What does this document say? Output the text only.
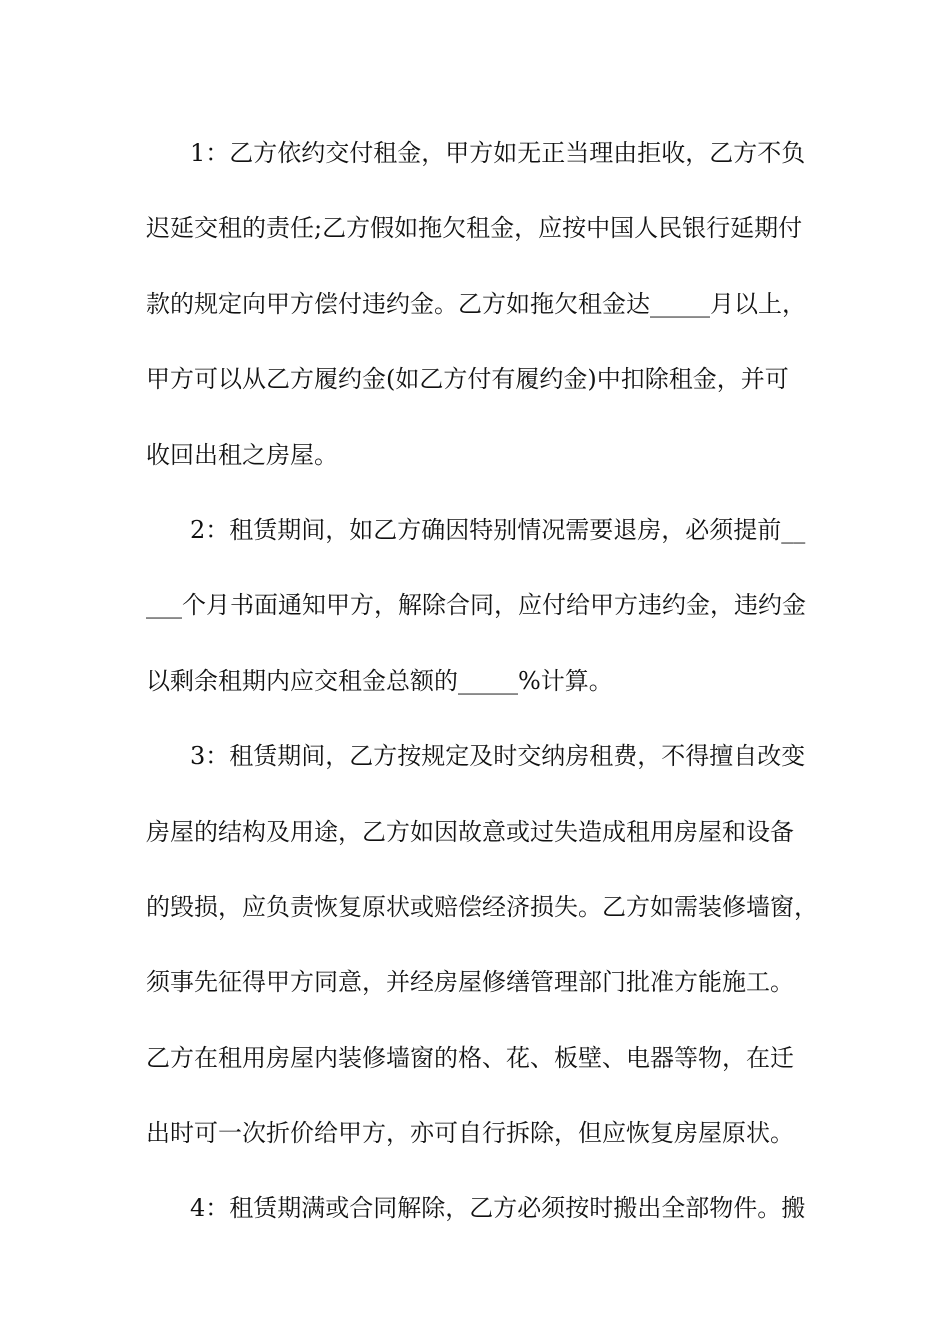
1：乙方依约交付租金，甲方如无正当理由拒收，乙方不负
迟延交租的责任;乙方假如拖欠租金，应按中国人民银行延期付
款的规定向甲方偿付违约金。乙方如拖欠租金达_____月以上，
甲方可以从乙方履约金(如乙方付有履约金)中扣除租金，并可
收回出租之房屋。
2：租赁期间，如乙方确因特别情况需要退房，必须提前__
___个月书面通知甲方，解除合同，应付给甲方违约金，违约金
以剩余租期内应交租金总额的_____%计算。
3：租赁期间，乙方按规定及时交纳房租费，不得擅自改变
房屋的结构及用途，乙方如因故意或过失造成租用房屋和设备
的毁损，应负责恢复原状或赔偿经济损失。乙方如需装修墙窗，
须事先征得甲方同意，并经房屋修缮管理部门批准方能施工。
乙方在租用房屋内装修墙窗的格、花、板壁、电器等物，在迁
出时可一次折价给甲方，亦可自行拆除，但应恢复房屋原状。
4：租赁期满或合同解除，乙方必须按时搬出全部物件。搬
